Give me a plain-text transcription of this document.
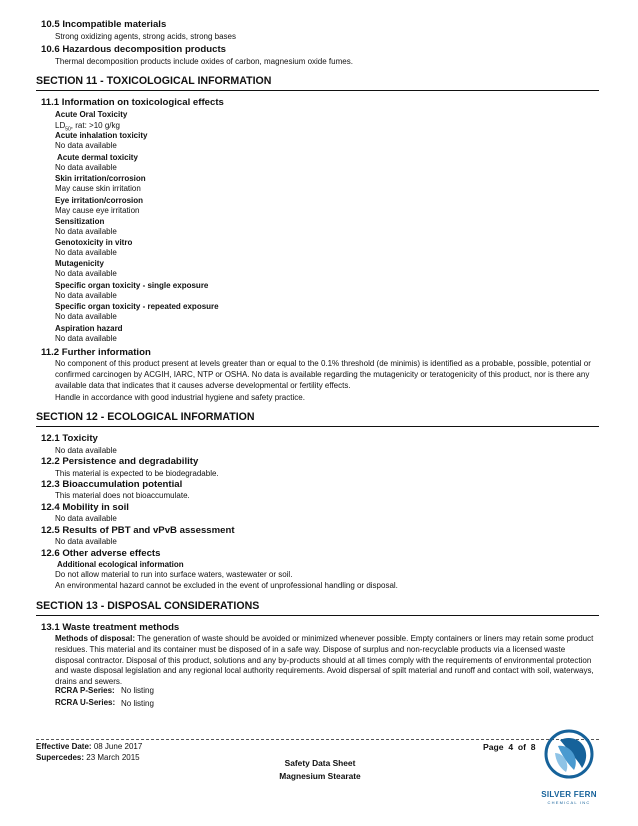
10.5 Incompatible materials
Strong oxidizing agents, strong acids, strong bases
10.6 Hazardous decomposition products
Thermal decomposition products include oxides of carbon, magnesium oxide fumes.
SECTION 11 - TOXICOLOGICAL INFORMATION
11.1 Information on toxicological effects
Acute Oral Toxicity
$LD_{50}$, rat: >10 g/kg
Acute inhalation toxicity
No data available
Acute dermal toxicity
No data available
Skin irritation/corrosion
May cause skin irritation
Eye irritation/corrosion
May cause eye irritation
Sensitization
No data available
Genotoxicity in vitro
No data available
Mutagenicity
No data available
Specific organ toxicity - single exposure
No data available
Specific organ toxicity - repeated exposure
No data available
Aspiration hazard
No data available
11.2 Further information
No component of this product present at levels greater than or equal to the 0.1% threshold (de minimis) is identified as a probable, possible, potential or confirmed carcinogen by ACGIH, IARC, NTP or OSHA. No data is available regarding the mutagenicity or teratogenicity of this product, nor is there any available data that indicates that it causes adverse developmental or fertility effects.
Handle in accordance with good industrial hygiene and safety practice.
SECTION 12 - ECOLOGICAL INFORMATION
12.1 Toxicity
No data available
12.2 Persistence and degradability
This material is expected to be biodegradable.
12.3 Bioaccumulation potential
This material does not bioaccumulate.
12.4 Mobility in soil
No data available
12.5 Results of PBT and vPvB assessment
No data available
12.6 Other adverse effects
Additional ecological information
Do not allow material to run into surface waters, wastewater or soil.
An environmental hazard cannot be excluded in the event of unprofessional handling or disposal.
SECTION 13 - DISPOSAL CONSIDERATIONS
13.1 Waste treatment methods
Methods of disposal: The generation of waste should be avoided or minimized whenever possible. Empty containers or liners may retain some product residues. This material and its container must be disposed of in a safe way. Dispose of surplus and non-recyclable products via a licensed waste disposal contractor. Disposal of this product, solutions and any by-products should at all times comply with the requirements of environmental protection and waste disposal legislation and any regional local authority requirements. Avoid dispersal of spilt material and runoff and contact with soil, waterways, drains and sewers.
RCRA P-Series: No listing
RCRA U-Series: No listing
Effective Date: 08 June 2017
Supercedes: 23 March 2015
Page 4 of 8
Safety Data Sheet
Magnesium Stearate
SILVER FERN
CHEMICAL INC
